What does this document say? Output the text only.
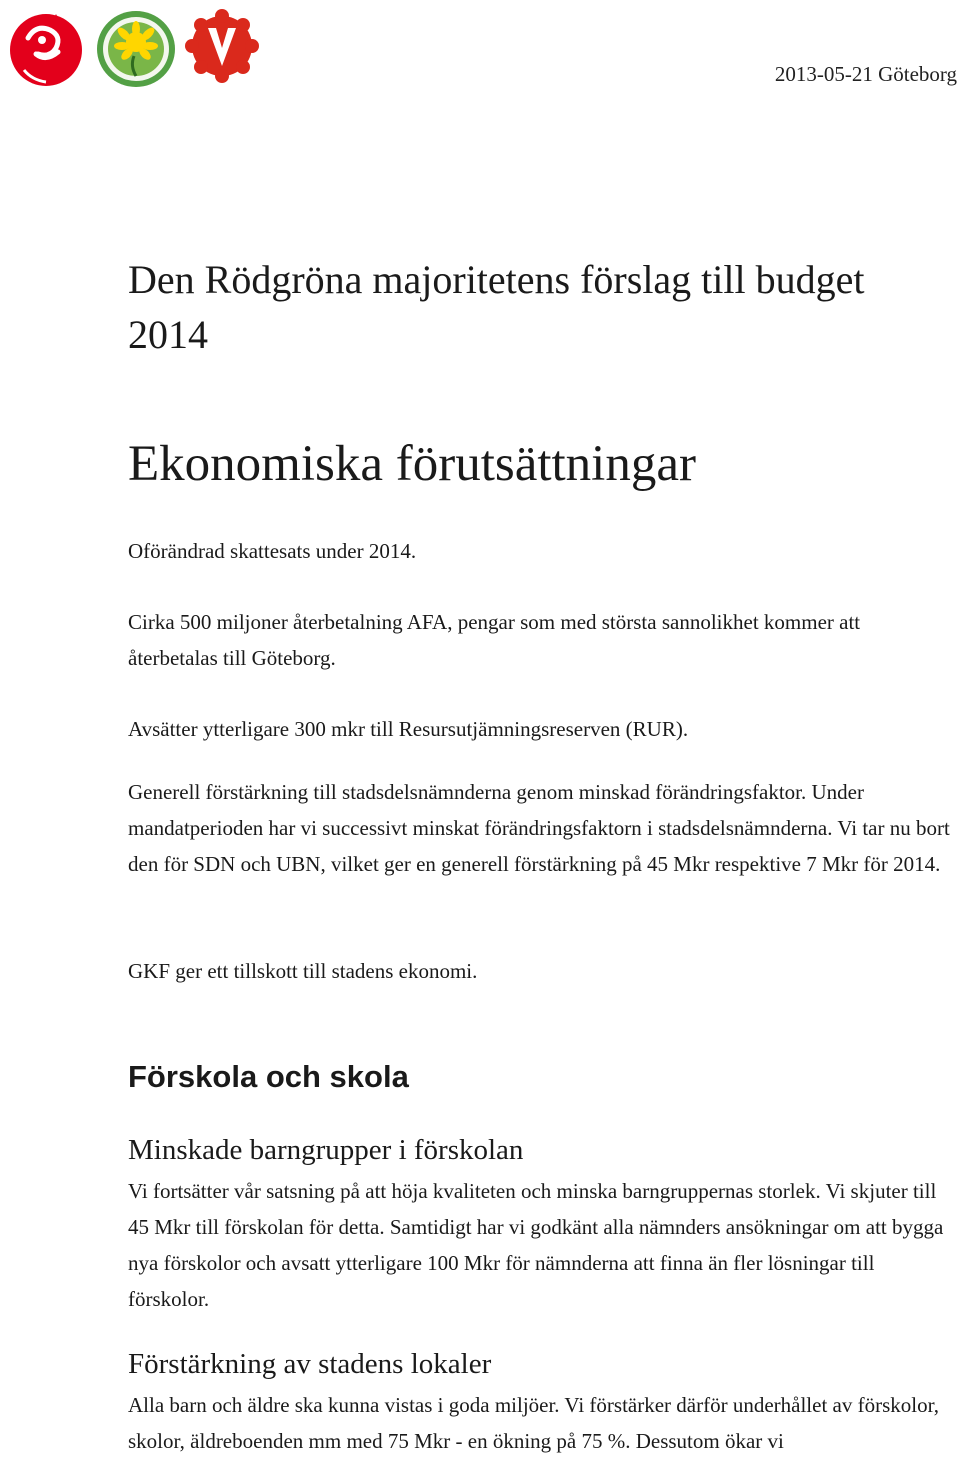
2013-05-21 Göteborg
Den Rödgröna majoritetens förslag till budget 2014
Ekonomiska förutsättningar

Oförändrad skattesats under 2014.

Cirka 500 miljoner återbetalning AFA, pengar som med största sannolikhet kommer att återbetalas till Göteborg.

Avsätter ytterligare 300 mkr till Resursutjämningsreserven (RUR).

Generell förstärkning till stadsdelsnämnderna genom minskad förändringsfaktor. Under mandatperioden har vi successivt minskat förändringsfaktorn i stadsdelsnämnderna. Vi tar nu bort den för SDN och UBN, vilket ger en generell förstärkning på 45 Mkr respektive 7 Mkr för 2014.

GKF ger ett tillskott till stadens ekonomi.

Förskola och skola
Minskade barngrupper i förskolan

Vi fortsätter vår satsning på att höja kvaliteten och minska barngruppernas storlek. Vi skjuter till 45 Mkr till förskolan för detta. Samtidigt har vi godkänt alla nämnders ansökningar om att bygga nya förskolor och avsatt ytterligare 100 Mkr för nämnderna att finna än fler lösningar till förskolor.

Förstärkning av stadens lokaler

Alla barn och äldre ska kunna vistas i goda miljöer. Vi förstärker därför underhållet av förskolor, skolor, äldreboenden mm med 75 Mkr - en ökning på 75 %. Dessutom ökar vi
